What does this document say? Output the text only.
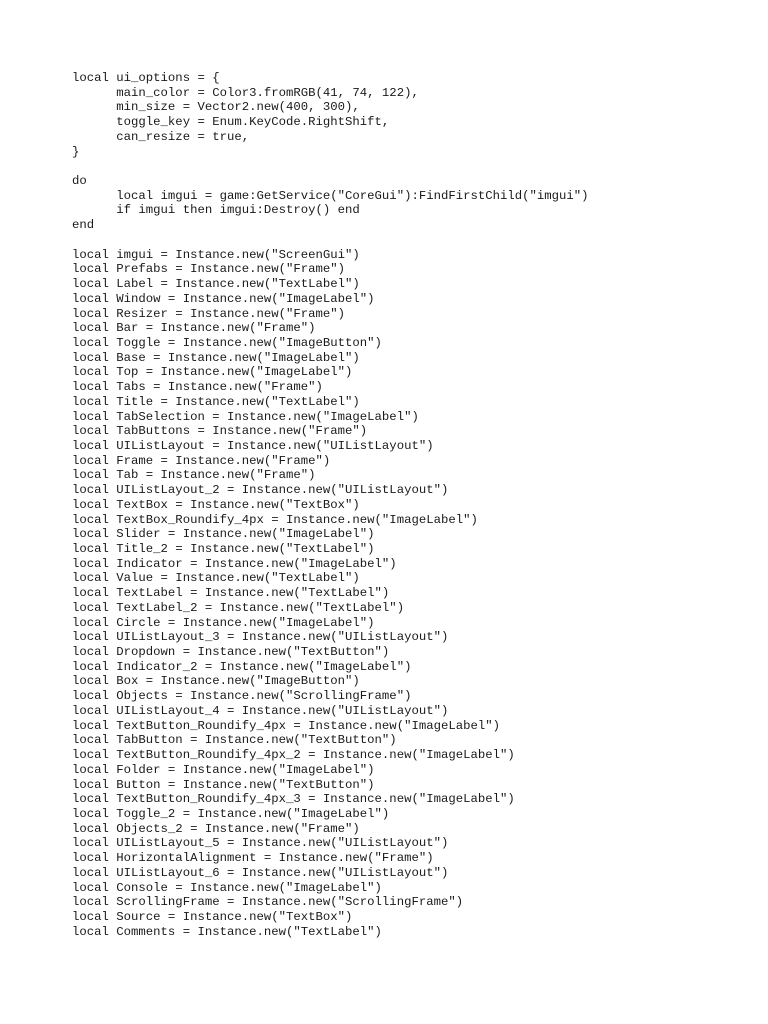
local ui_options = {
main_color = Color3.fromRGB(41, 74, 122),
min_size = Vector2.new(400, 300),
toggle_key = Enum.KeyCode.RightShift,
can_resize = true,
}
do
local imgui = game:GetService("CoreGui"):FindFirstChild("imgui")
if imgui then imgui:Destroy() end
end
local imgui = Instance.new("ScreenGui")
local Prefabs = Instance.new("Frame")
local Label = Instance.new("TextLabel")
local Window = Instance.new("ImageLabel")
local Resizer = Instance.new("Frame")
local Bar = Instance.new("Frame")
local Toggle = Instance.new("ImageButton")
local Base = Instance.new("ImageLabel")
local Top = Instance.new("ImageLabel")
local Tabs = Instance.new("Frame")
local Title = Instance.new("TextLabel")
local TabSelection = Instance.new("ImageLabel")
local TabButtons = Instance.new("Frame")
local UIListLayout = Instance.new("UIListLayout")
local Frame = Instance.new("Frame")
local Tab = Instance.new("Frame")
local UIListLayout_2 = Instance.new("UIListLayout")
local TextBox = Instance.new("TextBox")
local TextBox_Roundify_4px = Instance.new("ImageLabel")
local Slider = Instance.new("ImageLabel")
local Title_2 = Instance.new("TextLabel")
local Indicator = Instance.new("ImageLabel")
local Value = Instance.new("TextLabel")
local TextLabel = Instance.new("TextLabel")
local TextLabel_2 = Instance.new("TextLabel")
local Circle = Instance.new("ImageLabel")
local UIListLayout_3 = Instance.new("UIListLayout")
local Dropdown = Instance.new("TextButton")
local Indicator_2 = Instance.new("ImageLabel")
local Box = Instance.new("ImageButton")
local Objects = Instance.new("ScrollingFrame")
local UIListLayout_4 = Instance.new("UIListLayout")
local TextButton_Roundify_4px = Instance.new("ImageLabel")
local TabButton = Instance.new("TextButton")
local TextButton_Roundify_4px_2 = Instance.new("ImageLabel")
local Folder = Instance.new("ImageLabel")
local Button = Instance.new("TextButton")
local TextButton_Roundify_4px_3 = Instance.new("ImageLabel")
local Toggle_2 = Instance.new("ImageLabel")
local Objects_2 = Instance.new("Frame")
local UIListLayout_5 = Instance.new("UIListLayout")
local HorizontalAlignment = Instance.new("Frame")
local UIListLayout_6 = Instance.new("UIListLayout")
local Console = Instance.new("ImageLabel")
local ScrollingFrame = Instance.new("ScrollingFrame")
local Source = Instance.new("TextBox")
local Comments = Instance.new("TextLabel")
